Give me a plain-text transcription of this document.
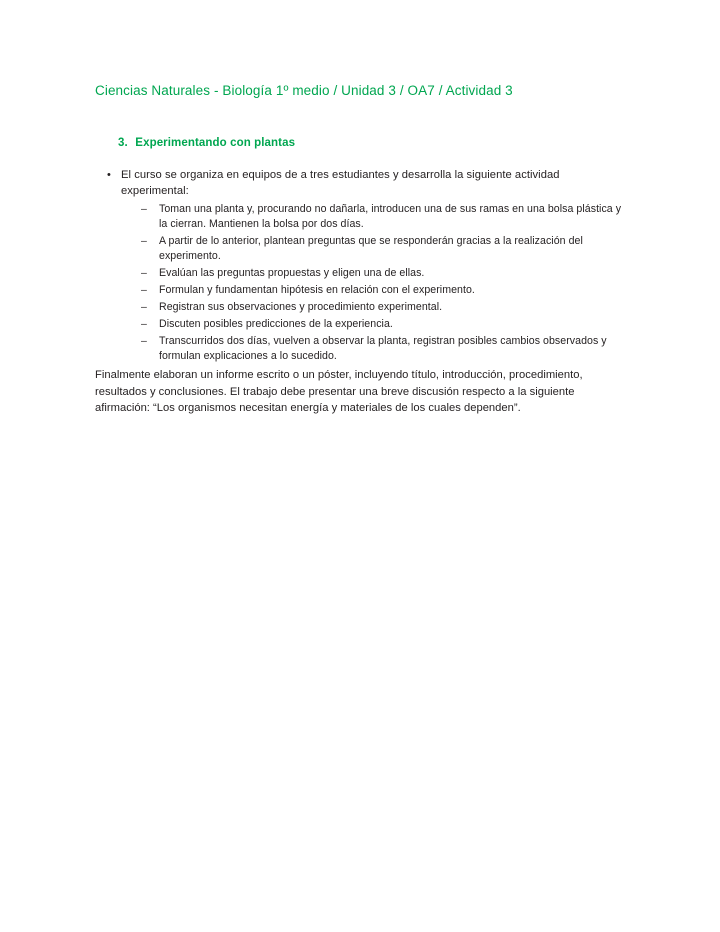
Ciencias Naturales - Biología 1º medio / Unidad 3 / OA7 / Actividad 3
3. Experimentando con plantas
• El curso se organiza en equipos de a tres estudiantes y desarrolla la siguiente actividad experimental:
–	Toman una planta y, procurando no dañarla, introducen una de sus ramas en una bolsa plástica y la cierran. Mantienen la bolsa por dos días.
–	A partir de lo anterior, plantean preguntas que se responderán gracias a la realización del experimento.
–	Evalúan las preguntas propuestas y eligen una de ellas.
–	Formulan y fundamentan hipótesis en relación con el experimento.
–	Registran sus observaciones y procedimiento experimental.
–	Discuten posibles predicciones de la experiencia.
–	Transcurridos dos días, vuelven a observar la planta, registran posibles cambios observados y formulan explicaciones a lo sucedido.

Finalmente elaboran un informe escrito o un póster, incluyendo título, introducción, procedimiento, resultados y conclusiones. El trabajo debe presentar una breve discusión respecto a la siguiente afirmación: “Los organismos necesitan energía y materiales de los cuales dependen”.
